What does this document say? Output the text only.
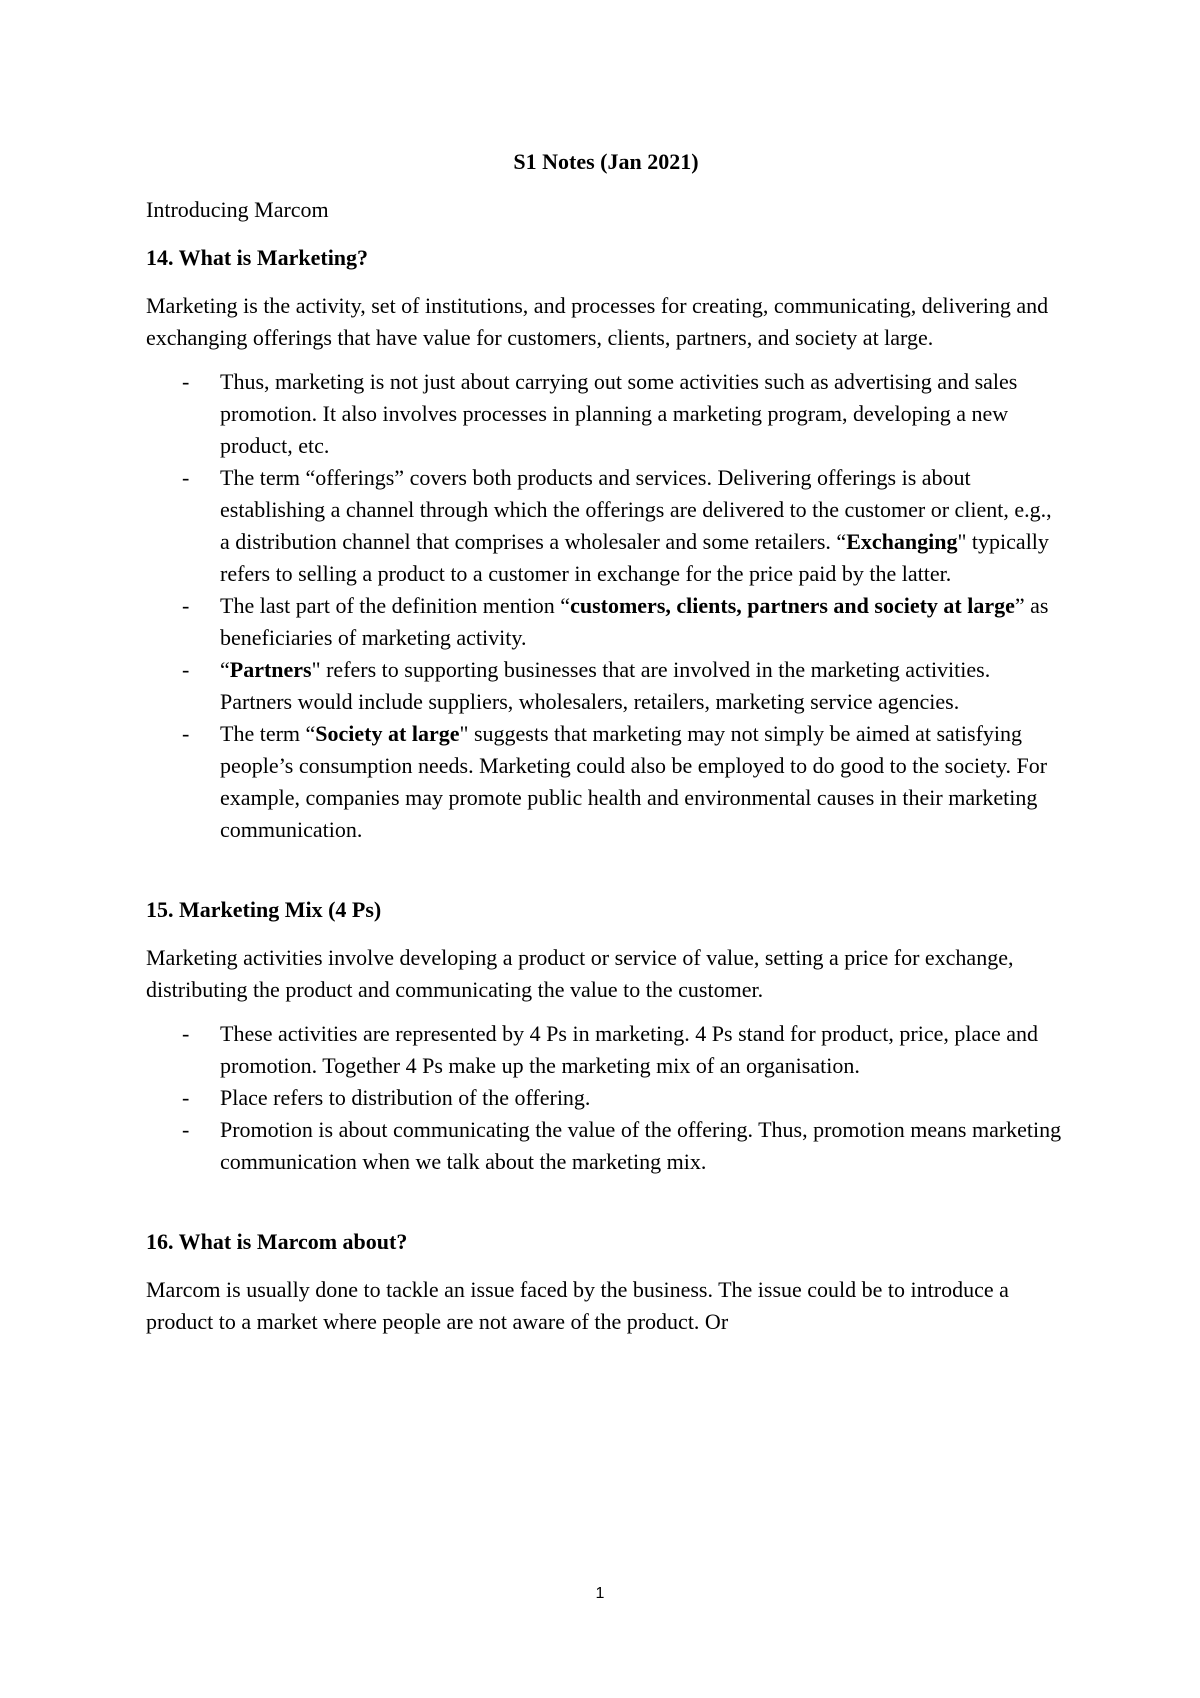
S1 Notes (Jan 2021)

Introducing Marcom

14. What is Marketing?

Marketing is the activity, set of institutions, and processes for creating, communicating, delivering and exchanging offerings that have value for customers, clients, partners, and society at large.

- Thus, marketing is not just about carrying out some activities such as advertising and sales promotion. It also involves processes in planning a marketing program, developing a new product, etc.
- The term “offerings” covers both products and services. Delivering offerings is about establishing a channel through which the offerings are delivered to the customer or client, e.g., a distribution channel that comprises a wholesaler and some retailers. “Exchanging" typically refers to selling a product to a customer in exchange for the price paid by the latter.
- The last part of the definition mention “customers, clients, partners and society at large” as beneficiaries of marketing activity.
- “Partners" refers to supporting businesses that are involved in the marketing activities. Partners would include suppliers, wholesalers, retailers, marketing service agencies.
- The term “Society at large" suggests that marketing may not simply be aimed at satisfying people’s consumption needs. Marketing could also be employed to do good to the society. For example, companies may promote public health and environmental causes in their marketing communication.

15. Marketing Mix (4 Ps)

Marketing activities involve developing a product or service of value, setting a price for exchange, distributing the product and communicating the value to the customer.

- These activities are represented by 4 Ps in marketing. 4 Ps stand for product, price, place and promotion. Together 4 Ps make up the marketing mix of an organisation.
- Place refers to distribution of the offering.
- Promotion is about communicating the value of the offering. Thus, promotion means marketing communication when we talk about the marketing mix.

16. What is Marcom about?

Marcom is usually done to tackle an issue faced by the business. The issue could be to introduce a product to a market where people are not aware of the product. Or

1
